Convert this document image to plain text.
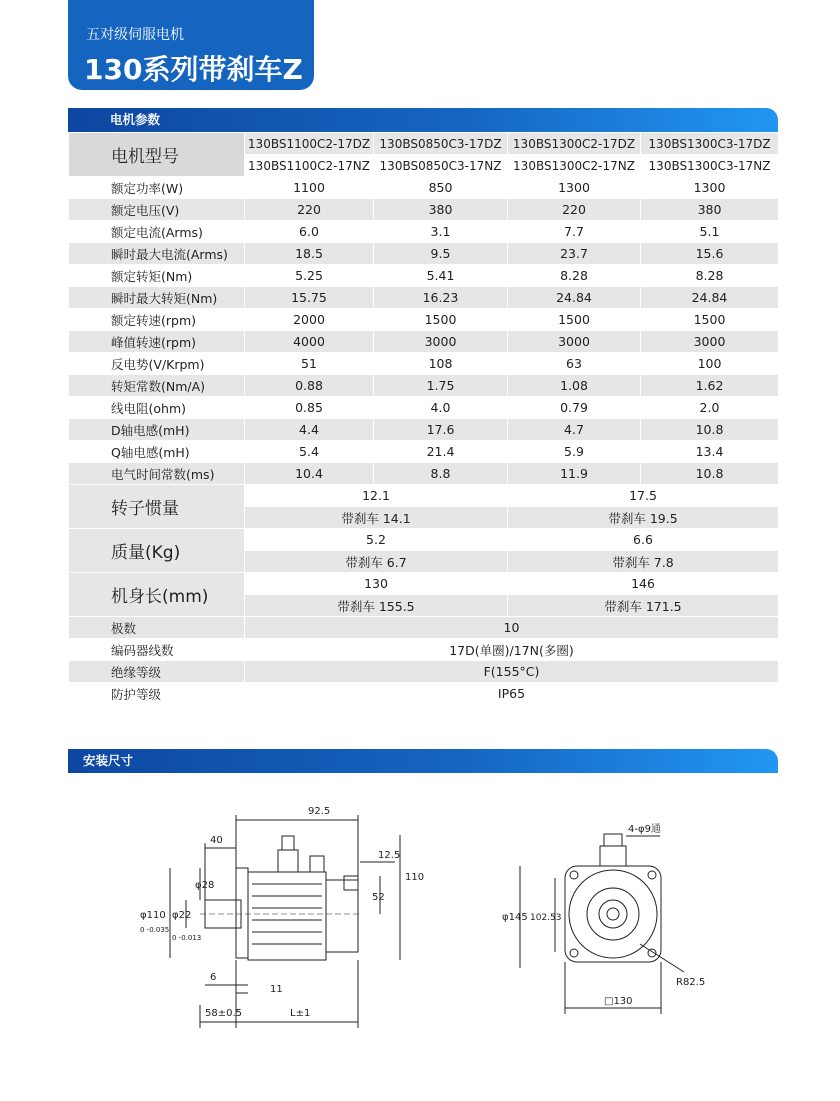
五对级伺服电机
130系列带刹车Z
电机参数
电机型号	130BS1100C2-17DZ	130BS0850C3-17DZ	130BS1300C2-17DZ	130BS1300C3-17DZ
	130BS1100C2-17NZ	130BS0850C3-17NZ	130BS1300C2-17NZ	130BS1300C3-17NZ
额定功率(W)	1100	850	1300	1300
额定电压(V)	220	380	220	380
额定电流(Arms)	6.0	3.1	7.7	5.1
瞬时最大电流(Arms)	18.5	9.5	23.7	15.6
额定转矩(Nm)	5.25	5.41	8.28	8.28
瞬时最大转矩(Nm)	15.75	16.23	24.84	24.84
额定转速(rpm)	2000	1500	1500	1500
峰值转速(rpm)	4000	3000	3000	3000
反电势(V/Krpm)	51	108	63	100
转矩常数(Nm/A)	0.88	1.75	1.08	1.62
线电阻(ohm)	0.85	4.0	0.79	2.0
D轴电感(mH)	4.4	17.6	4.7	10.8
Q轴电感(mH)	5.4	21.4	5.9	13.4
电气时间常数(ms)	10.4	8.8	11.9	10.8
转子惯量	12.1		17.5	
	带刹车 14.1		带刹车 19.5	
质量(Kg)	5.2		6.6	
	带刹车 6.7		带刹车 7.8	
机身长(mm)	130		146	
	带刹车 155.5		带刹车 171.5	
极数	10			
编码器线数	17D(单圈)/17N(多圈)			
绝缘等级	F(155°C)			
防护等级	IP65			
安装尺寸
92.5
40
12.5
110
52
φ28
φ110
0 -0.035
φ22
0 -0.013
6
11
58±0.5	L±1
4-φ9通
φ145 102.53
R82.5
□130
